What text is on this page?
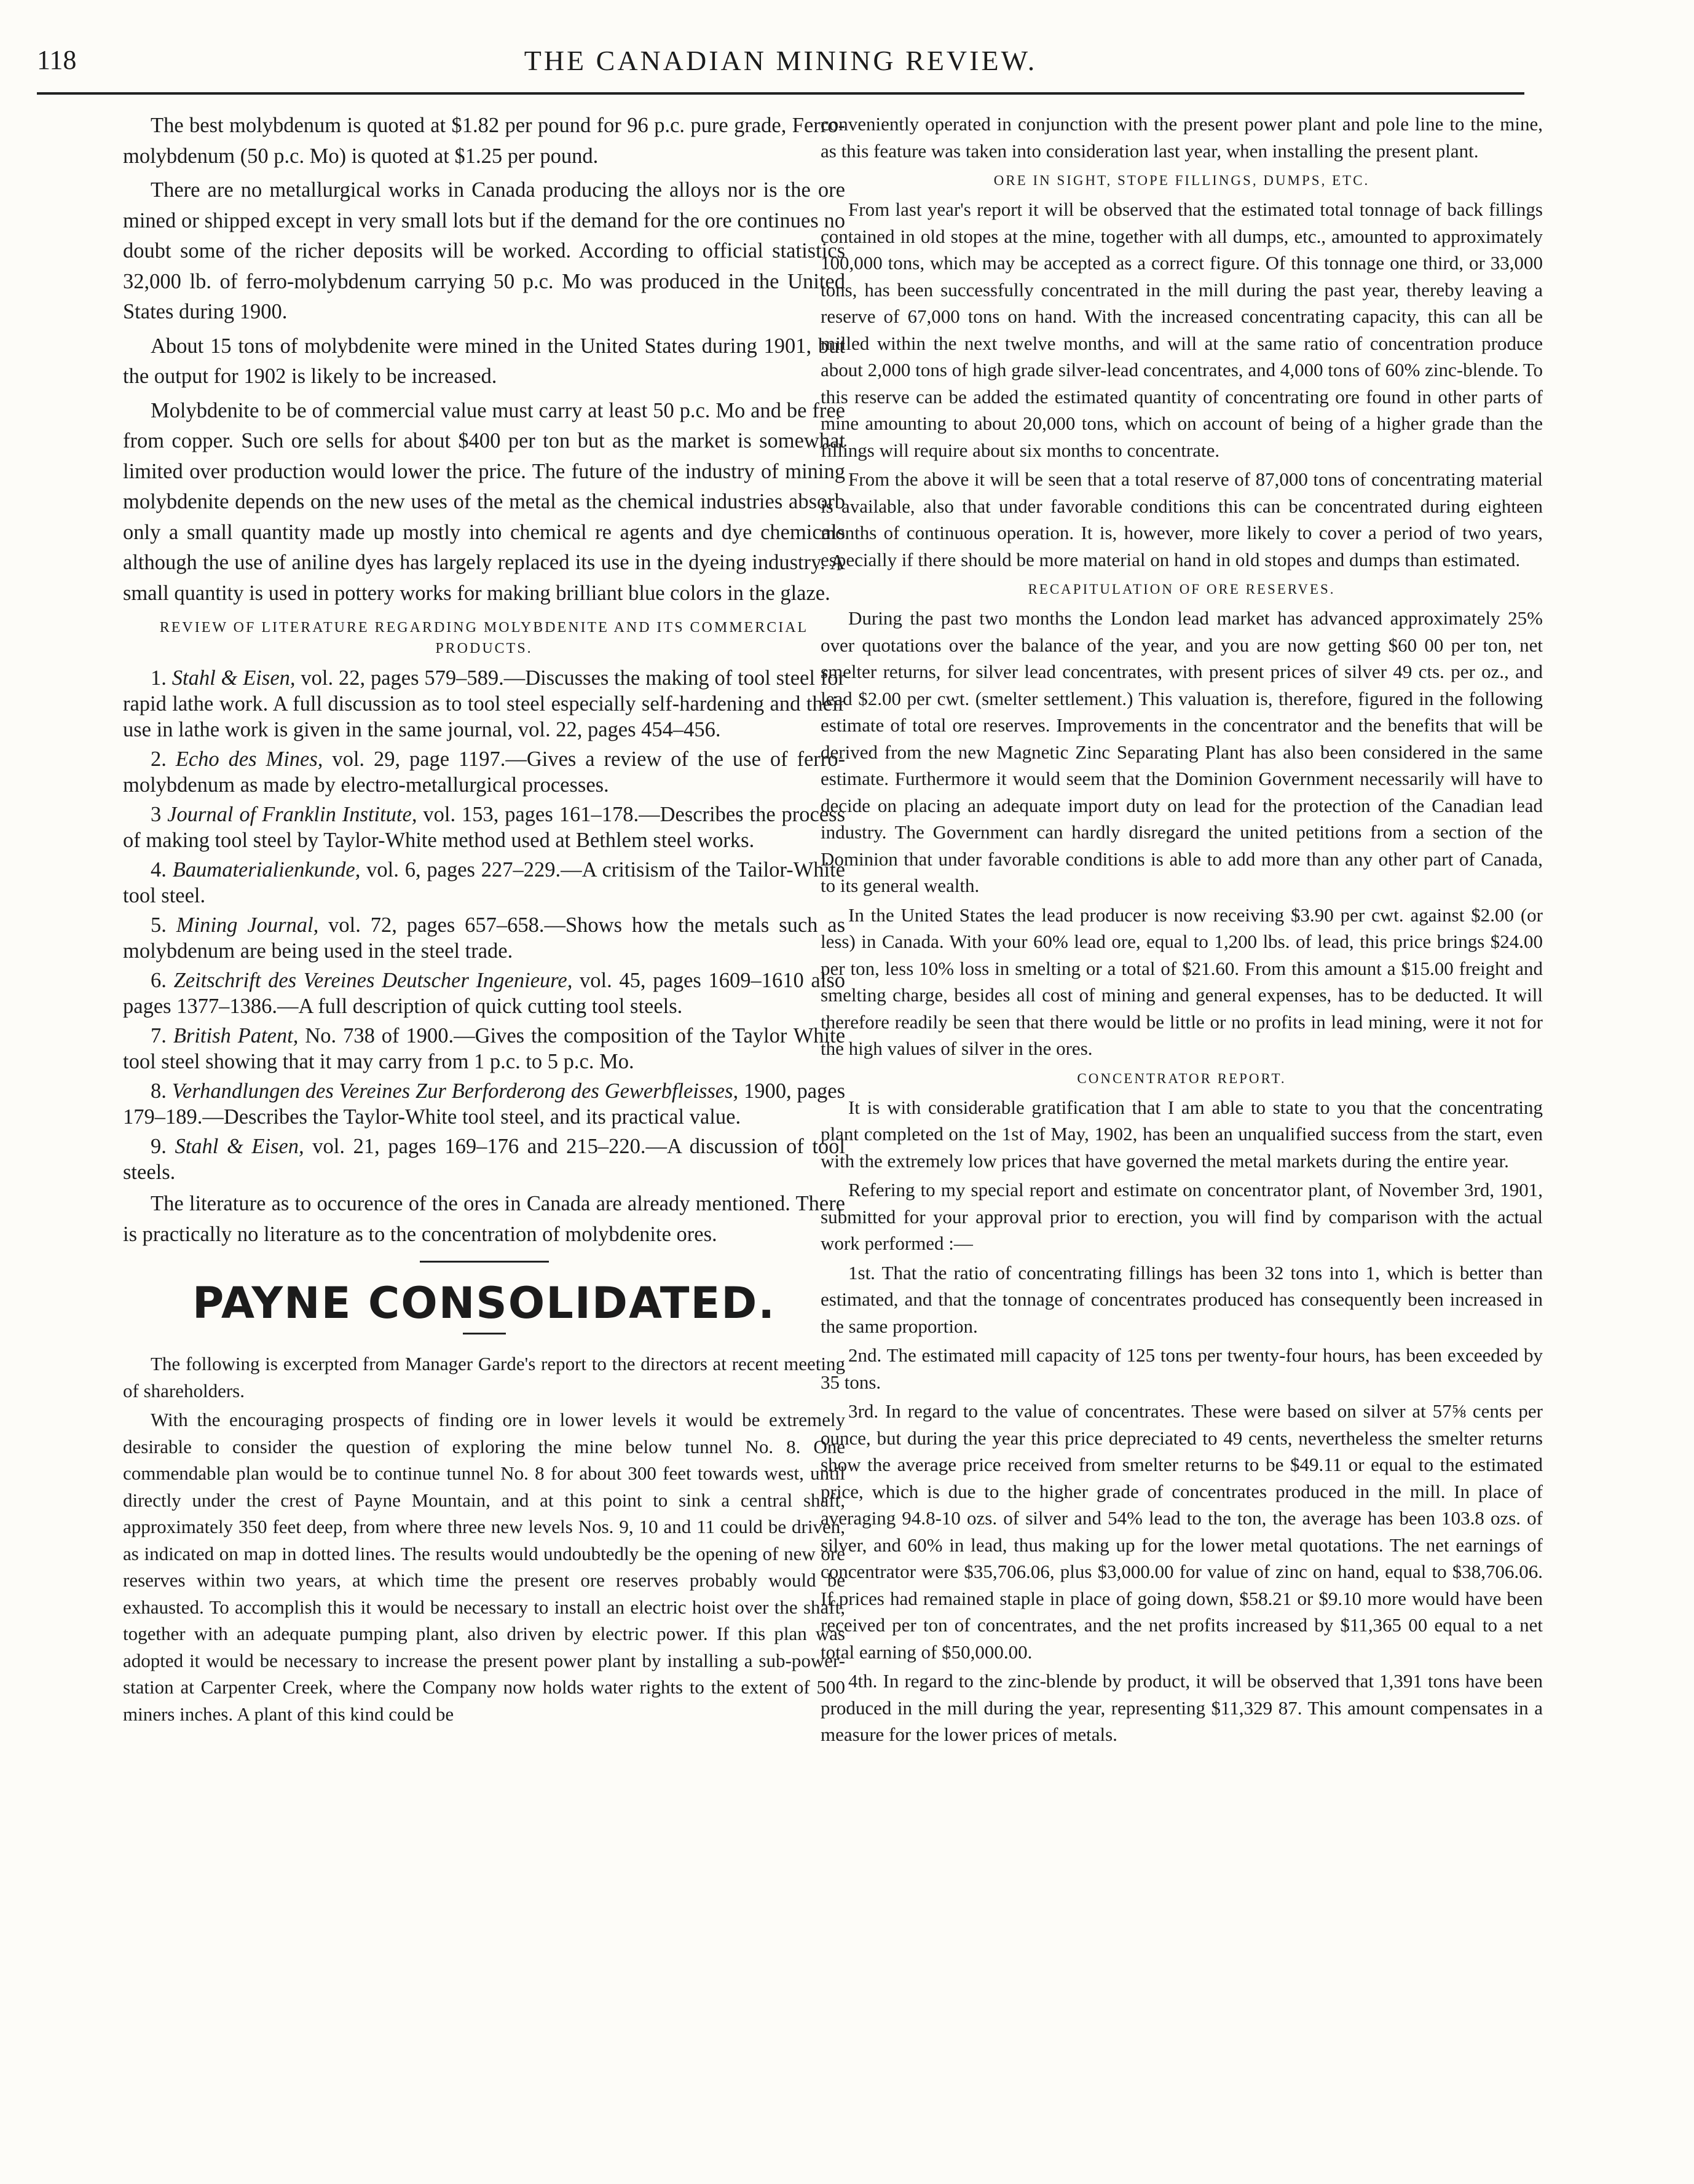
118	THE CANADIAN MINING REVIEW.

The best molybdenum is quoted at $1.82 per pound for 96 p.c. pure grade, Ferro-molybdenum (50 p.c. Mo) is quoted at $1.25 per pound.

There are no metallurgical works in Canada producing the alloys nor is the ore mined or shipped except in very small lots but if the demand for the ore continues no doubt some of the richer deposits will be worked. According to official statistics 32,000 lb. of ferro-molybdenum carrying 50 p.c. Mo was produced in the United States during 1900.

About 15 tons of molybdenite were mined in the United States during 1901, but the output for 1902 is likely to be increased.

Molybdenite to be of commercial value must carry at least 50 p.c. Mo and be free from copper. Such ore sells for about $400 per ton but as the market is somewhat limited over production would lower the price. The future of the industry of mining molybdenite depends on the new uses of the metal as the chemical industries absorb only a small quantity made up mostly into chemical re agents and dye chemicals although the use of aniline dyes has largely replaced its use in the dyeing industry. A small quantity is used in pottery works for making brilliant blue colors in the glaze.

REVIEW OF LITERATURE REGARDING MOLYBDENITE AND ITS COMMERCIAL PRODUCTS.

1. Stahl & Eisen, vol. 22, pages 579–589.—Discusses the making of tool steel for rapid lathe work. A full discussion as to tool steel especially self-hardening and their use in lathe work is given in the same journal, vol. 22, pages 454–456.

2. Echo des Mines, vol. 29, page 1197.—Gives a review of the use of ferro-molybdenum as made by electro-metallurgical processes.

3 Journal of Franklin Institute, vol. 153, pages 161–178.—Describes the process of making tool steel by Taylor-White method used at Bethlem steel works.

4. Baumaterialienkunde, vol. 6, pages 227–229.—A critisism of the Tailor-White tool steel.

5. Mining Journal, vol. 72, pages 657–658.—Shows how the metals such as molybdenum are being used in the steel trade.

6. Zeitschrift des Vereines Deutscher Ingenieure, vol. 45, pages 1609–1610 also pages 1377–1386.—A full description of quick cutting tool steels.

7. British Patent, No. 738 of 1900.—Gives the composition of the Taylor White tool steel showing that it may carry from 1 p.c. to 5 p.c. Mo.

8. Verhandlungen des Vereines Zur Berforderong des Gewerbfleisses, 1900, pages 179–189.—Describes the Taylor-White tool steel, and its practical value.

9. Stahl & Eisen, vol. 21, pages 169–176 and 215–220.—A discussion of tool steels.

The literature as to occurence of the ores in Canada are already mentioned. There is practically no literature as to the concentration of molybdenite ores.

PAYNE CONSOLIDATED.

The following is excerpted from Manager Garde's report to the directors at recent meeting of shareholders.

With the encouraging prospects of finding ore in lower levels it would be extremely desirable to consider the question of exploring the mine below tunnel No. 8. One commendable plan would be to continue tunnel No. 8 for about 300 feet towards west, until directly under the crest of Payne Mountain, and at this point to sink a central shaft, approximately 350 feet deep, from where three new levels Nos. 9, 10 and 11 could be driven, as indicated on map in dotted lines. The results would undoubtedly be the opening of new ore reserves within two years, at which time the present ore reserves probably would be exhausted. To accomplish this it would be necessary to install an electric hoist over the shaft, together with an adequate pumping plant, also driven by electric power. If this plan was adopted it would be necessary to increase the present power plant by installing a sub-power-station at Carpenter Creek, where the Company now holds water rights to the extent of 500 miners inches. A plant of this kind could be

conveniently operated in conjunction with the present power plant and pole line to the mine, as this feature was taken into consideration last year, when installing the present plant.

ORE IN SIGHT, STOPE FILLINGS, DUMPS, ETC.

From last year's report it will be observed that the estimated total tonnage of back fillings contained in old stopes at the mine, together with all dumps, etc., amounted to approximately 100,000 tons, which may be accepted as a correct figure. Of this tonnage one third, or 33,000 tons, has been successfully concentrated in the mill during the past year, thereby leaving a reserve of 67,000 tons on hand. With the increased concentrating capacity, this can all be milled within the next twelve months, and will at the same ratio of concentration produce about 2,000 tons of high grade silver-lead concentrates, and 4,000 tons of 60% zinc-blende. To this reserve can be added the estimated quantity of concentrating ore found in other parts of mine amounting to about 20,000 tons, which on account of being of a higher grade than the fillings will require about six months to concentrate.

From the above it will be seen that a total reserve of 87,000 tons of concentrating material is available, also that under favorable conditions this can be concentrated during eighteen months of continuous operation. It is, however, more likely to cover a period of two years, especially if there should be more material on hand in old stopes and dumps than estimated.

RECAPITULATION OF ORE RESERVES.

During the past two months the London lead market has advanced approximately 25% over quotations over the balance of the year, and you are now getting $60 00 per ton, net smelter returns, for silver lead concentrates, with present prices of silver 49 cts. per oz., and lead $2.00 per cwt. (smelter settlement.) This valuation is, therefore, figured in the following estimate of total ore reserves. Improvements in the concentrator and the benefits that will be derived from the new Magnetic Zinc Separating Plant has also been considered in the same estimate. Furthermore it would seem that the Dominion Government necessarily will have to decide on placing an adequate import duty on lead for the protection of the Canadian lead industry. The Government can hardly disregard the united petitions from a section of the Dominion that under favorable conditions is able to add more than any other part of Canada, to its general wealth.

In the United States the lead producer is now receiving $3.90 per cwt. against $2.00 (or less) in Canada. With your 60% lead ore, equal to 1,200 lbs. of lead, this price brings $24.00 per ton, less 10% loss in smelting or a total of $21.60. From this amount a $15.00 freight and smelting charge, besides all cost of mining and general expenses, has to be deducted. It will therefore readily be seen that there would be little or no profits in lead mining, were it not for the high values of silver in the ores.

CONCENTRATOR REPORT.

It is with considerable gratification that I am able to state to you that the concentrating plant completed on the 1st of May, 1902, has been an unqualified success from the start, even with the extremely low prices that have governed the metal markets during the entire year.

Refering to my special report and estimate on concentrator plant, of November 3rd, 1901, submitted for your approval prior to erection, you will find by comparison with the actual work performed :—

1st. That the ratio of concentrating fillings has been 32 tons into 1, which is better than estimated, and that the tonnage of concentrates produced has consequently been increased in the same proportion.

2nd. The estimated mill capacity of 125 tons per twenty-four hours, has been exceeded by 35 tons.

3rd. In regard to the value of concentrates. These were based on silver at 57⅝ cents per ounce, but during the year this price depreciated to 49 cents, nevertheless the smelter returns show the average price received from smelter returns to be $49.11 or equal to the estimated price, which is due to the higher grade of concentrates produced in the mill. In place of averaging 94.8-10 ozs. of silver and 54% lead to the ton, the average has been 103.8 ozs. of silver, and 60% in lead, thus making up for the lower metal quotations. The net earnings of concentrator were $35,706.06, plus $3,000.00 for value of zinc on hand, equal to $38,706.06. If prices had remained staple in place of going down, $58.21 or $9.10 more would have been received per ton of concentrates, and the net profits increased by $11,365 00 equal to a net total earning of $50,000.00.

4th. In regard to the zinc-blende by product, it will be observed that 1,391 tons have been produced in the mill during the year, representing $11,329 87. This amount compensates in a measure for the lower prices of metals.
